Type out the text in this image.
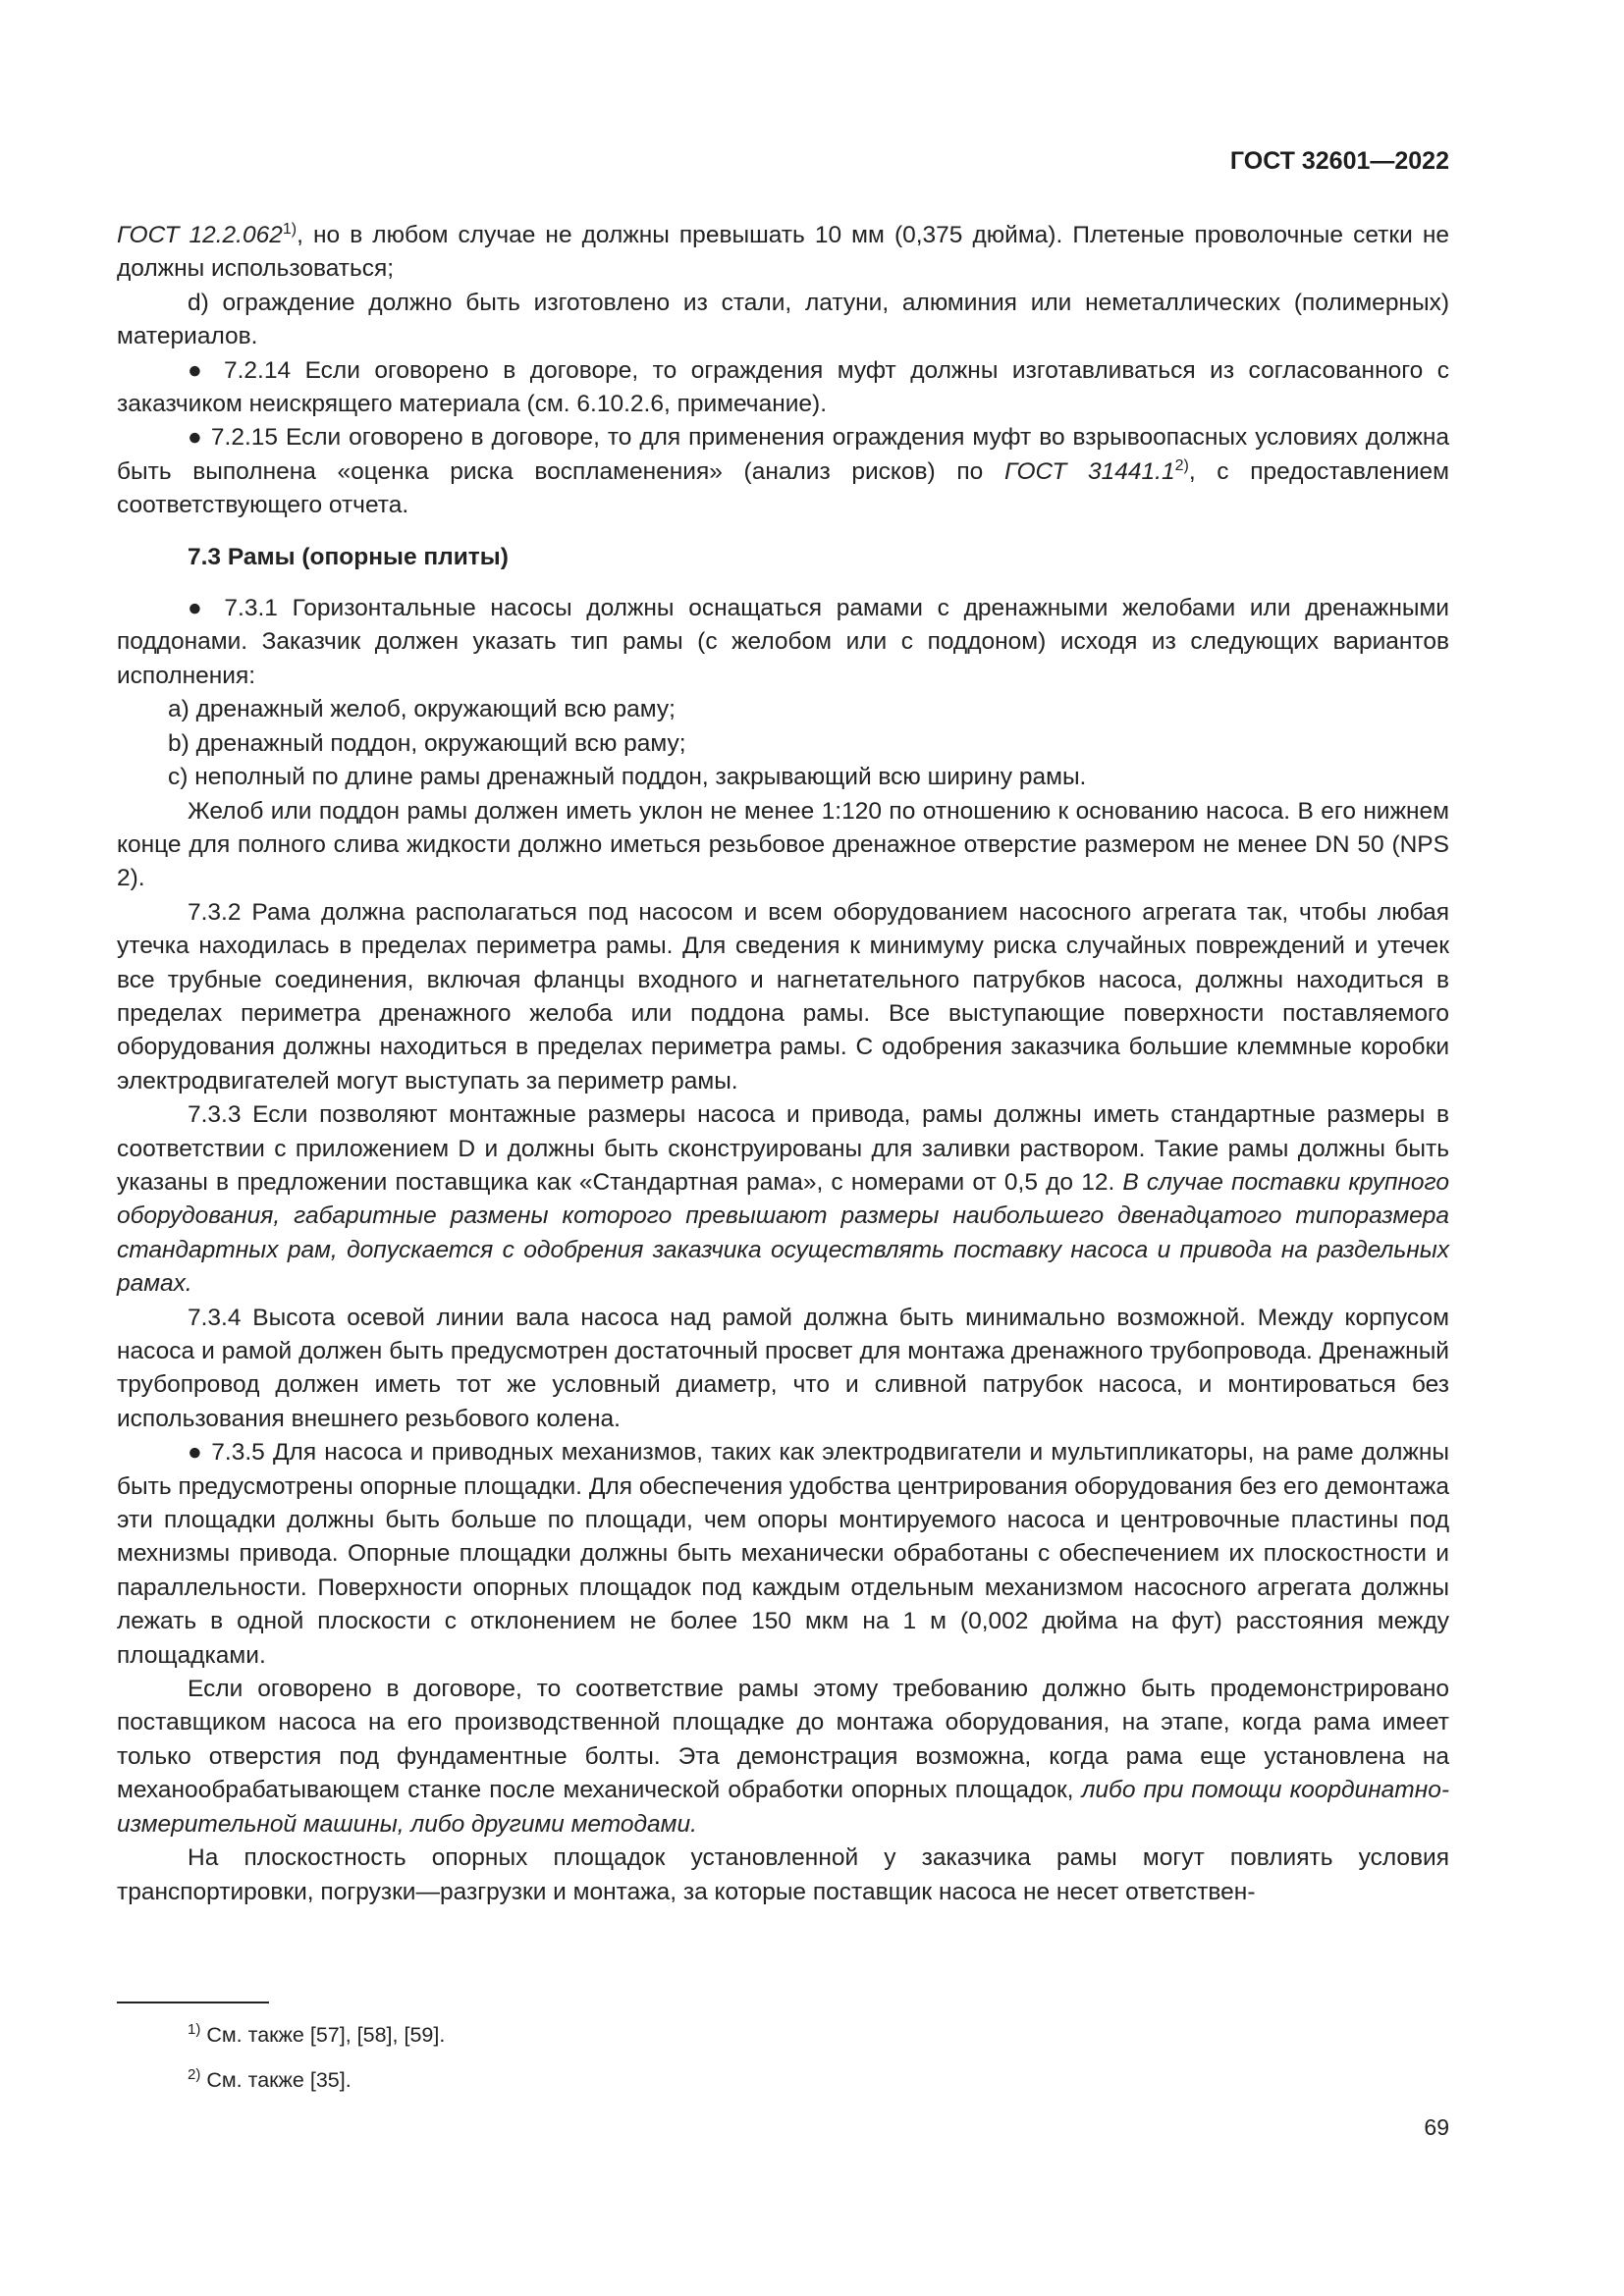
ГОСТ 32601—2022

ГОСТ 12.2.062$^{1)}$, но в любом случае не должны превышать 10 мм (0,375 дюйма). Плетеные проволочные сетки не должны использоваться;

d) ограждение должно быть изготовлено из стали, латуни, алюминия или неметаллических (полимерных) материалов.

● 7.2.14 Если оговорено в договоре, то ограждения муфт должны изготавливаться из согласованного с заказчиком неискрящего материала (см. 6.10.2.6, примечание).

● 7.2.15 Если оговорено в договоре, то для применения ограждения муфт во взрывоопасных условиях должна быть выполнена «оценка риска воспламенения» (анализ рисков) по ГОСТ 31441.1$^{2)}$, с предоставлением соответствующего отчета.

7.3 Рамы (опорные плиты)

● 7.3.1 Горизонтальные насосы должны оснащаться рамами с дренажными желобами или дренажными поддонами. Заказчик должен указать тип рамы (с желобом или с поддоном) исходя из следующих вариантов исполнения:

a) дренажный желоб, окружающий всю раму;

b) дренажный поддон, окружающий всю раму;

c) неполный по длине рамы дренажный поддон, закрывающий всю ширину рамы.

Желоб или поддон рамы должен иметь уклон не менее 1:120 по отношению к основанию насоса. В его нижнем конце для полного слива жидкости должно иметься резьбовое дренажное отверстие размером не менее DN 50 (NPS 2).

7.3.2 Рама должна располагаться под насосом и всем оборудованием насосного агрегата так, чтобы любая утечка находилась в пределах периметра рамы. Для сведения к минимуму риска случайных повреждений и утечек все трубные соединения, включая фланцы входного и нагнетательного патрубков насоса, должны находиться в пределах периметра дренажного желоба или поддона рамы. Все выступающие поверхности поставляемого оборудования должны находиться в пределах периметра рамы. С одобрения заказчика большие клеммные коробки электродвигателей могут выступать за периметр рамы.

7.3.3 Если позволяют монтажные размеры насоса и привода, рамы должны иметь стандартные размеры в соответствии с приложением D и должны быть сконструированы для заливки раствором. Такие рамы должны быть указаны в предложении поставщика как «Стандартная рама», с номерами от 0,5 до 12. В случае поставки крупного оборудования, габаритные размены которого превышают размеры наибольшего двенадцатого типоразмера стандартных рам, допускается с одобрения заказчика осуществлять поставку насоса и привода на раздельных рамах.

7.3.4 Высота осевой линии вала насоса над рамой должна быть минимально возможной. Между корпусом насоса и рамой должен быть предусмотрен достаточный просвет для монтажа дренажного трубопровода. Дренажный трубопровод должен иметь тот же условный диаметр, что и сливной патрубок насоса, и монтироваться без использования внешнего резьбового колена.

● 7.3.5 Для насоса и приводных механизмов, таких как электродвигатели и мультипликаторы, на раме должны быть предусмотрены опорные площадки. Для обеспечения удобства центрирования оборудования без его демонтажа эти площадки должны быть больше по площади, чем опоры монтируемого насоса и центровочные пластины под мехнизмы привода. Опорные площадки должны быть механически обработаны с обеспечением их плоскостности и параллельности. Поверхности опорных площадок под каждым отдельным механизмом насосного агрегата должны лежать в одной плоскости с отклонением не более 150 мкм на 1 м (0,002 дюйма на фут) расстояния между площадками.

Если оговорено в договоре, то соответствие рамы этому требованию должно быть продемонстрировано поставщиком насоса на его производственной площадке до монтажа оборудования, на этапе, когда рама имеет только отверстия под фундаментные болты. Эта демонстрация возможна, когда рама еще установлена на механообрабатывающем станке после механической обработки опорных площадок, либо при помощи координатно-измерительной машины, либо другими методами.

На плоскостность опорных площадок установленной у заказчика рамы могут повлиять условия транспортировки, погрузки—разгрузки и монтажа, за которые поставщик насоса не несет ответствен-

$^{1)}$ См. также [57], [58], [59].
$^{2)}$ См. также [35].
69
